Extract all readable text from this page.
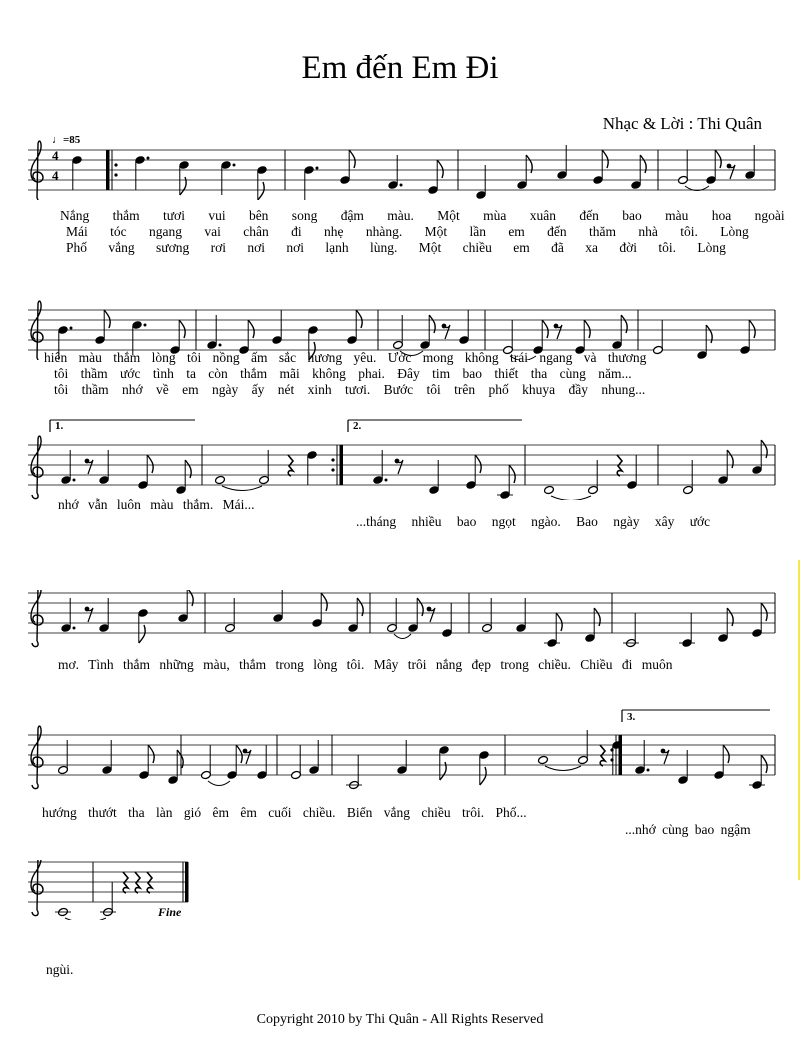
Em đến Em Đi
Nhạc & Lời : Thi Quân
♩=85
4
4
Nắng thắm tươi vui bên song đậm màu. Một mùa xuân đến bao màu hoa ngoài
Mái tóc ngang vai chân đi nhẹ nhàng. Một lần em đến thăm nhà tôi. Lòng
Phố vắng sương rơi nơi nơi lạnh lùng. Một chiều em đã xa đời tôi. Lòng
hiên màu thắm lòng tôi nồng ấm sắc hương yêu. Ước mong không trái ngang và thương
tôi thầm ước tình ta còn thắm mãi không phai. Đây tim bao thiết tha cùng năm...
tôi thầm nhớ về em ngày ấy nét xinh tươi. Bước tôi trên phố khuya đầy nhung...
1.	2.
nhớ vẫn luôn màu thắm. Mái...
...tháng nhiều bao ngọt ngào. Bao ngày xây ước
mơ. Tình thắm những màu, thắm trong lòng tôi. Mây trôi nắng đẹp trong chiều. Chiều đi muôn
3.
hướng thướt tha làn gió êm êm cuối chiều. Biển vắng chiều trôi. Phố...
...nhớ cùng bao ngậm
Fine
ngùi.
Copyright 2010 by Thi Quân - All Rights Reserved
